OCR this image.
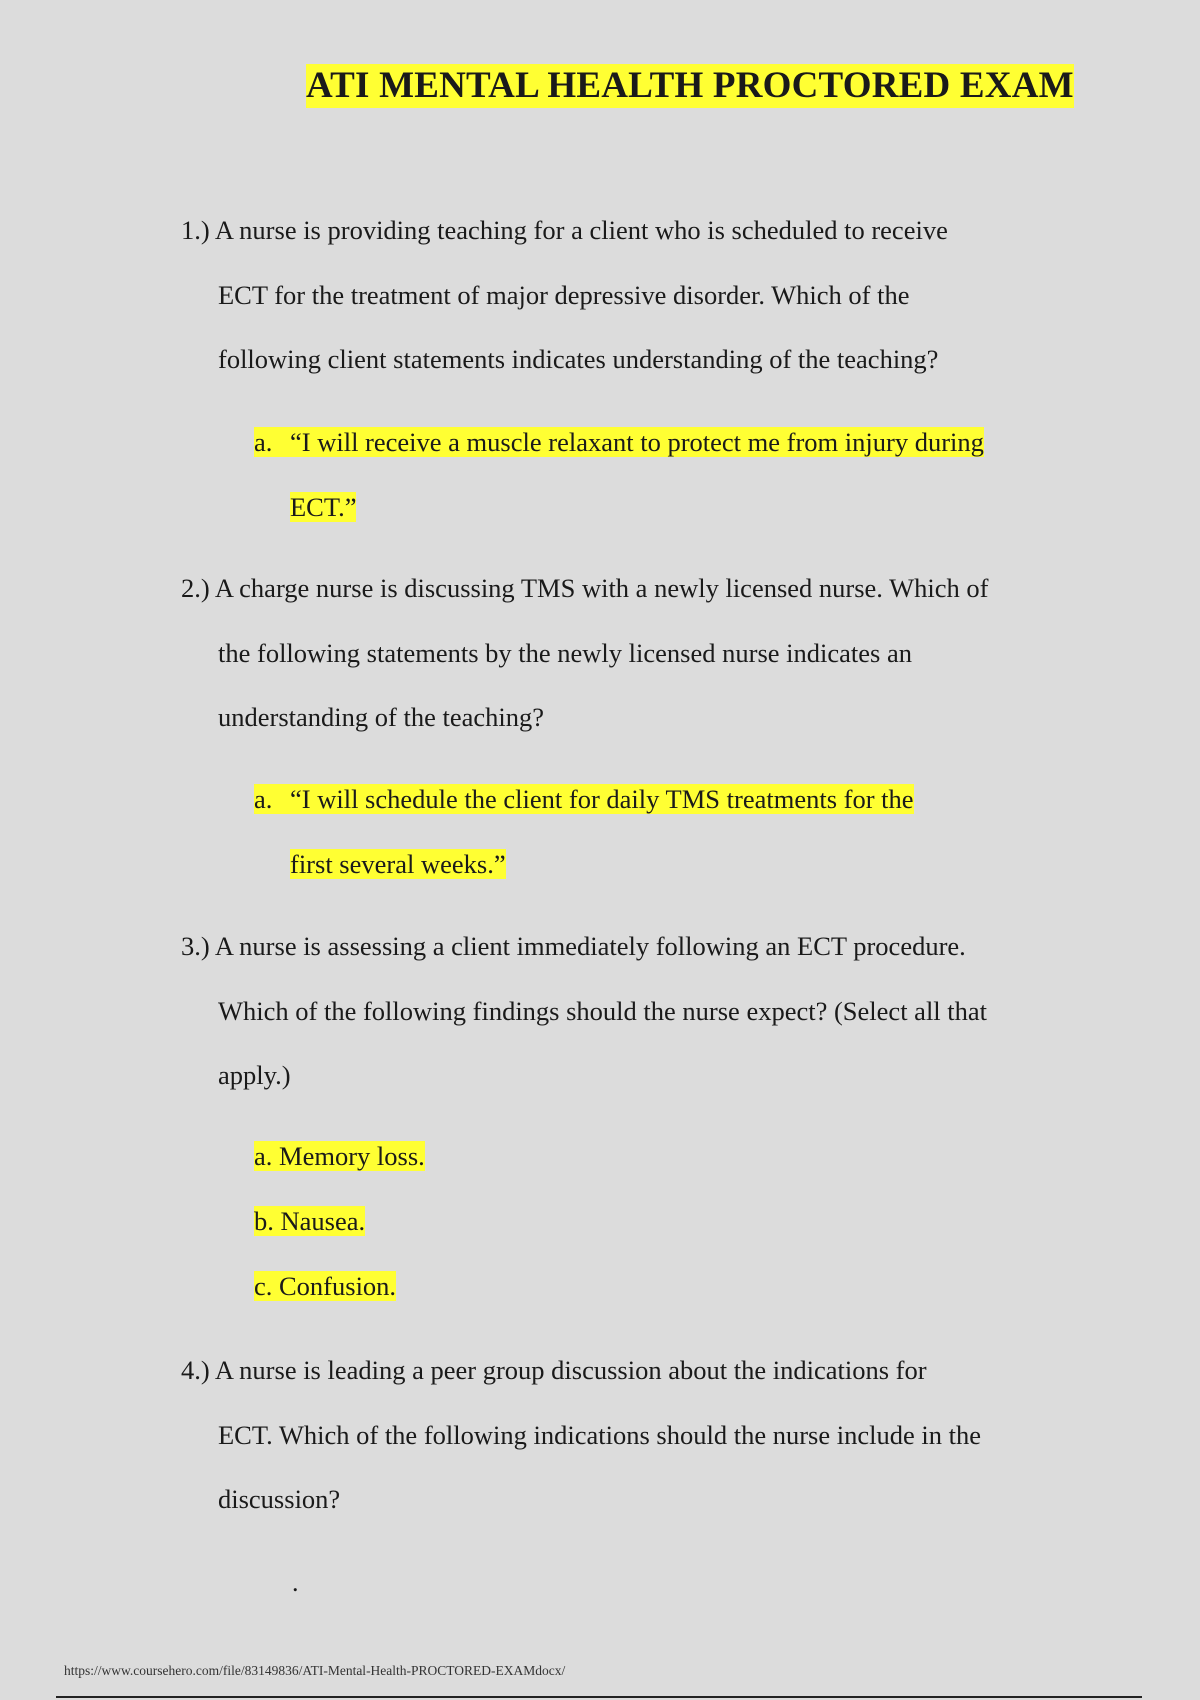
ATI MENTAL HEALTH PROCTORED EXAM
1.) A nurse is providing teaching for a client who is scheduled to receive
ECT for the treatment of major depressive disorder. Which of the
following client statements indicates understanding of the teaching?
a. “I will receive a muscle relaxant to protect me from injury during
ECT.”
2.) A charge nurse is discussing TMS with a newly licensed nurse. Which of
the following statements by the newly licensed nurse indicates an
understanding of the teaching?
a. “I will schedule the client for daily TMS treatments for the
first several weeks.”
3.) A nurse is assessing a client immediately following an ECT procedure.
Which of the following findings should the nurse expect? (Select all that
apply.)
a. Memory loss.
b. Nausea.
c. Confusion.
4.) A nurse is leading a peer group discussion about the indications for
ECT. Which of the following indications should the nurse include in the
discussion?
.
https://www.coursehero.com/file/83149836/ATI-Mental-Health-PROCTORED-EXAMdocx/
